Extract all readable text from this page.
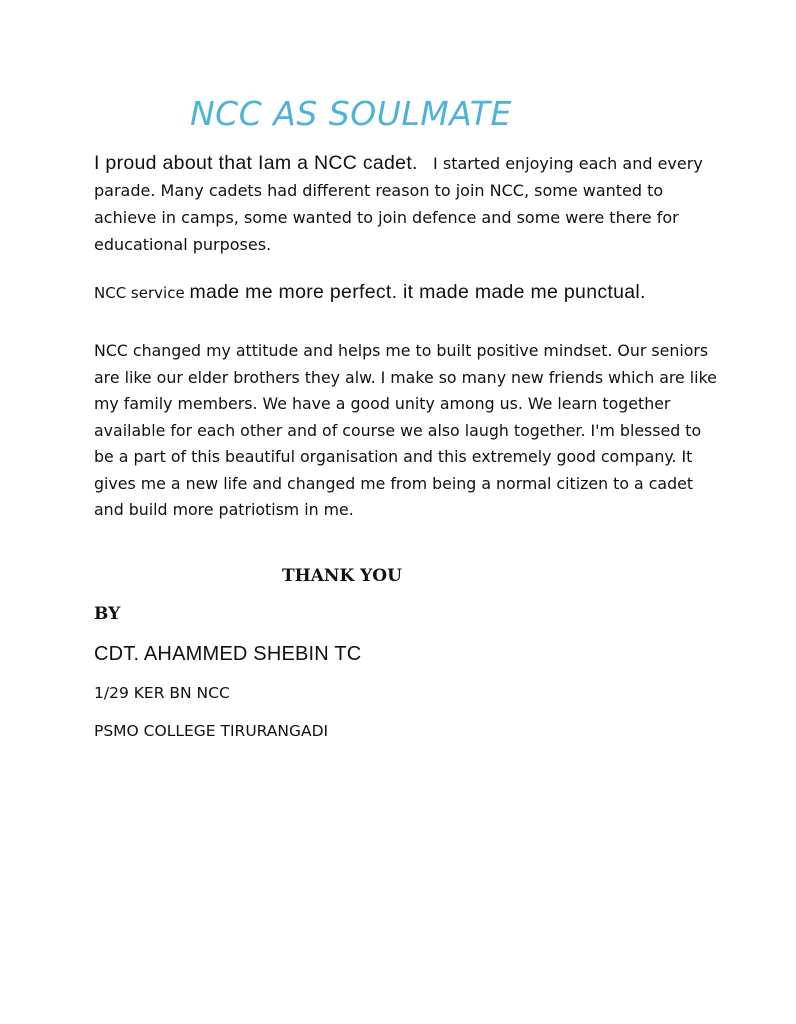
NCC AS SOULMATE

I proud about that Iam a NCC cadet. I started enjoying each and every parade. Many cadets had different reason to join NCC, some wanted to achieve in camps, some wanted to join defence and some were there for educational purposes.

NCC service made me more perfect. it made made me punctual.

NCC changed my attitude and helps me to built positive mindset. Our seniors are like our elder brothers they alw. I make so many new friends which are like my family members. We have a good unity among us. We learn together available for each other and of course we also laugh together. I'm blessed to be a part of this beautiful organisation and this extremely good company. It gives me a new life and changed me from being a normal citizen to a cadet and build more patriotism in me.

THANK YOU

BY

CDT. AHAMMED SHEBIN TC

1/29 KER BN NCC

PSMO COLLEGE TIRURANGADI
